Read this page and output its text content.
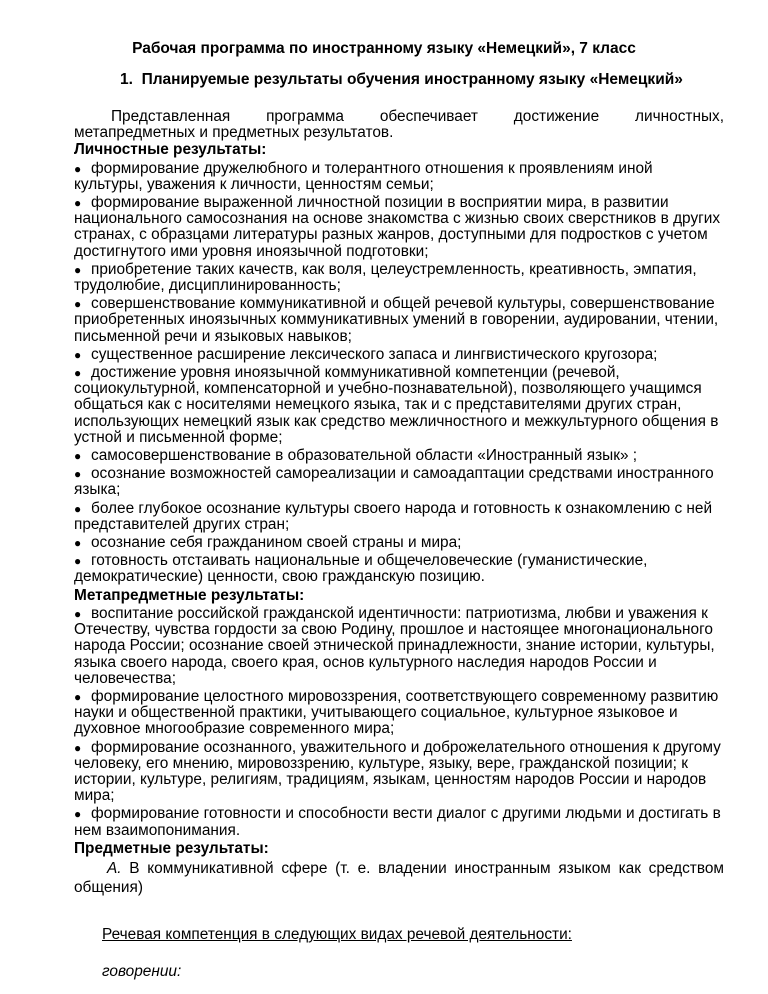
Рабочая программа по иностранному языку «Немецкий», 7 класс
1. Планируемые результаты обучения иностранному языку «Немецкий»

Представленная программа обеспечивает достижение личностных,
метапредметных и предметных результатов.

Личностные результаты:
● формирование дружелюбного и толерантного отношения к проявлениям иной культуры, уважения к личности, ценностям семьи;
● формирование выраженной личностной позиции в восприятии мира, в развитии национального самосознания на основе знакомства с жизнью своих сверстников в других странах, с образцами литературы разных жанров, доступными для подростков с учетом достигнутого ими уровня иноязычной подготовки;
● приобретение таких качеств, как воля, целеустремленность, креативность, эмпатия, трудолюбие, дисциплинированность;
● совершенствование коммуникативной и общей речевой культуры, совершенствование приобретенных иноязычных коммуникативных умений в говорении, аудировании, чтении, письменной речи и языковых навыков;
● существенное расширение лексического запаса и лингвистического кругозора;
● достижение уровня иноязычной коммуникативной компетенции (речевой, социокультурной, компенсаторной и учебно-познавательной), позволяющего учащимся общаться как с носителями немецкого языка, так и с представителями других стран, использующих немецкий язык как средство межличностного и межкультурного общения в устной и письменной форме;
● самосовершенствование в образовательной области «Иностранный язык» ;
● осознание возможностей самореализации и самоадаптации средствами иностранного языка;
● более глубокое осознание культуры своего народа и готовность к ознакомлению с ней представителей других стран;
● осознание себя гражданином своей страны и мира;
● готовность отстаивать национальные и общечеловеческие (гуманистические, демократические) ценности, свою гражданскую позицию.
Метапредметные результаты:
● воспитание российской гражданской идентичности: патриотизма, любви и уважения к Отечеству, чувства гордости за свою Родину, прошлое и настоящее многонационального народа России; осознание своей этнической принадлежности, знание истории, культуры, языка своего народа, своего края, основ культурного наследия народов России и человечества;
● формирование целостного мировоззрения, соответствующего современному развитию науки и общественной практики, учитывающего социальное, культурное языковое и духовное многообразие современного мира;
● формирование осознанного, уважительного и доброжелательного отношения к другому человеку, его мнению, мировоззрению, культуре, языку, вере, гражданской позиции; к истории, культуре, религиям, традициям, языкам, ценностям народов России и народов мира;
● формирование готовности и способности вести диалог с другими людьми и достигать в нем взаимопонимания.
Предметные результаты:

А. В коммуникативной сфере (т. е. владении иностранным языком как средством
общения)

Речевая компетенция в следующих видах речевой деятельности:
говорении:
